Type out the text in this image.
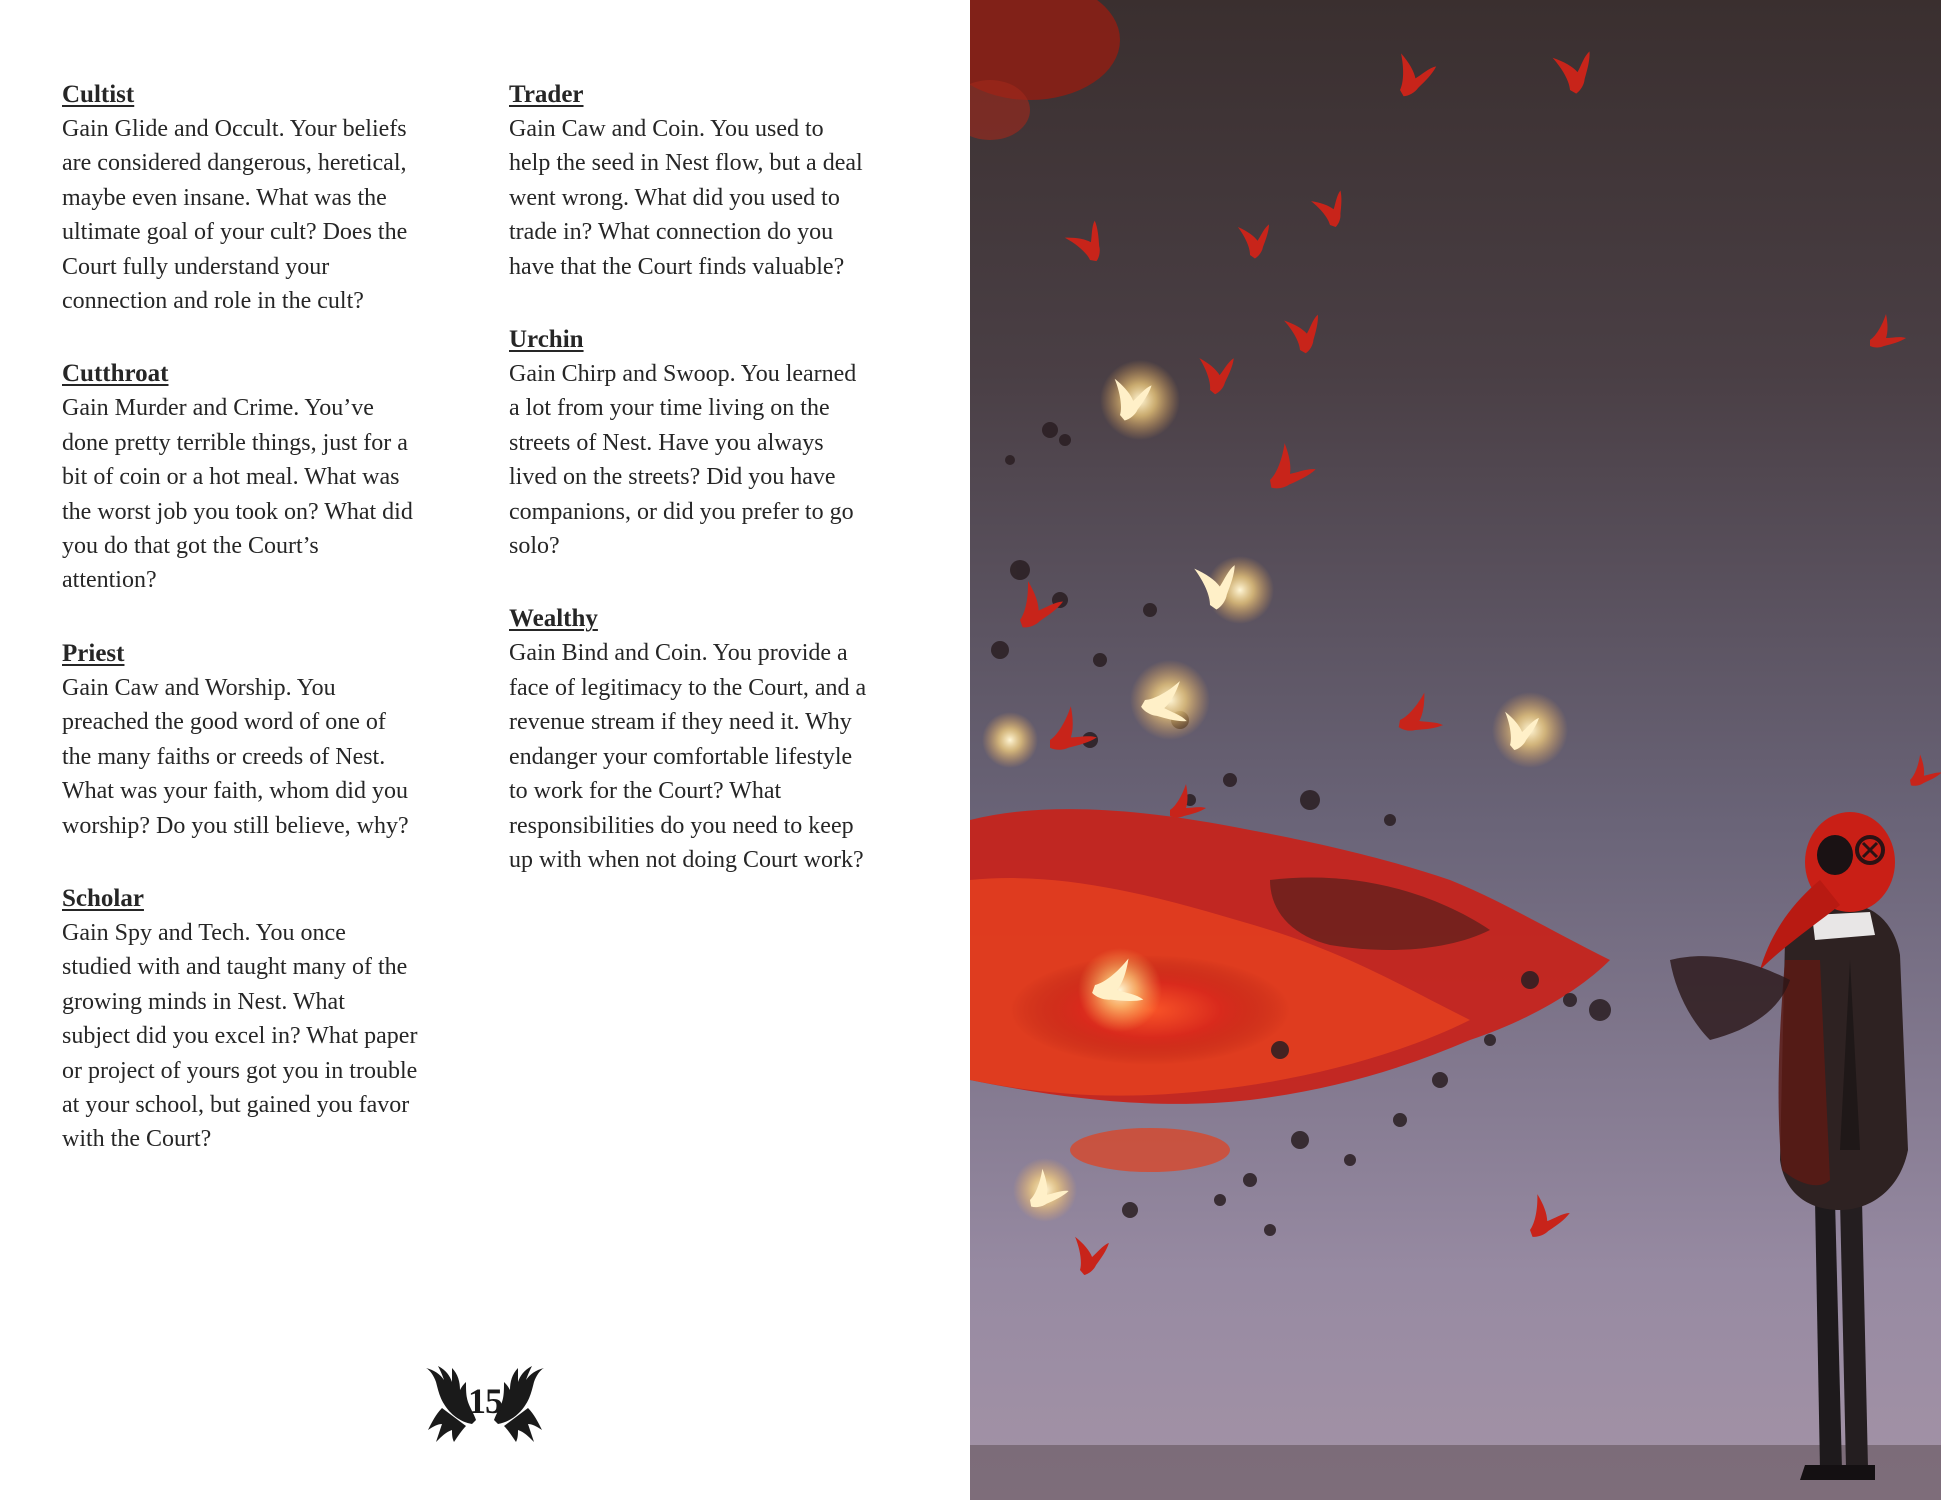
Cultist

Gain Glide and Occult. Your beliefs
are considered dangerous, heretical,
maybe even insane. What was the
ultimate goal of your cult? Does the
Court fully understand your
connection and role in the cult?

Cutthroat

Gain Murder and Crime. You’ve
done pretty terrible things, just for a
bit of coin or a hot meal. What was
the worst job you took on? What did
you do that got the Court’s
attention?

Priest

Gain Caw and Worship. You
preached the good word of one of
the many faiths or creeds of Nest.
What was your faith, whom did you
worship? Do you still believe, why?

Scholar

Gain Spy and Tech. You once
studied with and taught many of the
growing minds in Nest. What
subject did you excel in? What paper
or project of yours got you in trouble
at your school, but gained you favor
with the Court?

Trader

Gain Caw and Coin. You used to
help the seed in Nest flow, but a deal
went wrong. What did you used to
trade in? What connection do you
have that the Court finds valuable?

Urchin

Gain Chirp and Swoop. You learned
a lot from your time living on the
streets of Nest. Have you always
lived on the streets? Did you have
companions, or did you prefer to go
solo?

Wealthy

Gain Bind and Coin. You provide a
face of legitimacy to the Court, and a
revenue stream if they need it. Why
endanger your comfortable lifestyle
to work for the Court? What
responsibilities do you need to keep
up with when not doing Court work?

15
